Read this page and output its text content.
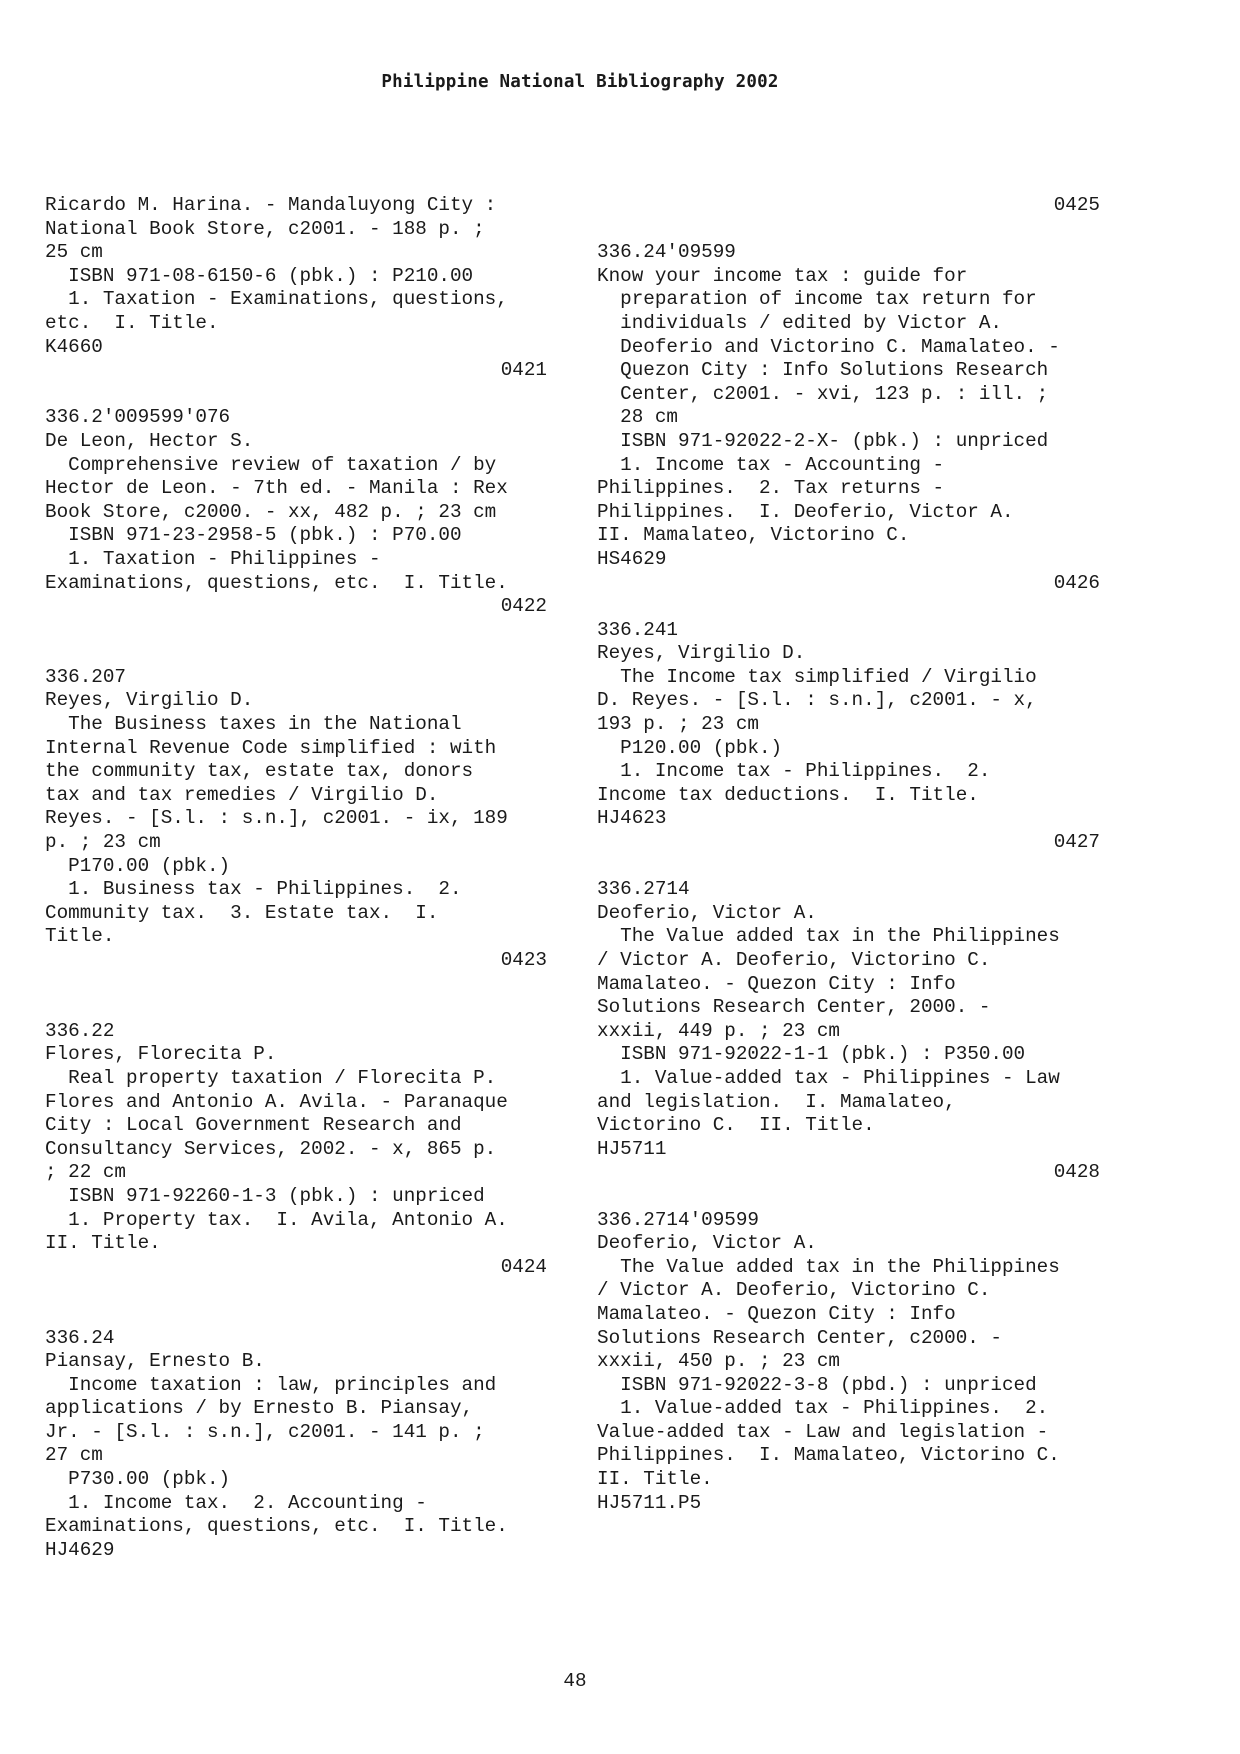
Philippine National Bibliography 2002
Ricardo M. Harina. - Mandaluyong City :
National Book Store, c2001. - 188 p. ;
25 cm
ISBN 971-08-6150-6 (pbk.) : P210.00
1. Taxation - Examinations, questions,
etc.  I. Title.
K4660
0421
336.2'009599'076
De Leon, Hector S.
Comprehensive review of taxation / by
Hector de Leon. - 7th ed. - Manila : Rex
Book Store, c2000. - xx, 482 p. ; 23 cm
ISBN 971-23-2958-5 (pbk.) : P70.00
1. Taxation - Philippines -
Examinations, questions, etc.  I. Title.
0422
336.207
Reyes, Virgilio D.
The Business taxes in the National
Internal Revenue Code simplified : with
the community tax, estate tax, donors
tax and tax remedies / Virgilio D.
Reyes. - [S.l. : s.n.], c2001. - ix, 189
p. ; 23 cm
P170.00 (pbk.)
1. Business tax - Philippines.  2.
Community tax.  3. Estate tax.  I.
Title.
0423
336.22
Flores, Florecita P.
Real property taxation / Florecita P.
Flores and Antonio A. Avila. - Paranaque
City : Local Government Research and
Consultancy Services, 2002. - x, 865 p.
; 22 cm
ISBN 971-92260-1-3 (pbk.) : unpriced
1. Property tax.  I. Avila, Antonio A.
II. Title.
0424
336.24
Piansay, Ernesto B.
Income taxation : law, principles and
applications / by Ernesto B. Piansay,
Jr. - [S.l. : s.n.], c2001. - 141 p. ;
27 cm
P730.00 (pbk.)
1. Income tax.  2. Accounting -
Examinations, questions, etc.  I. Title.
HJ4629
0425
336.24'09599
Know your income tax : guide for
preparation of income tax return for
individuals / edited by Victor A.
Deoferio and Victorino C. Mamalateo. -
Quezon City : Info Solutions Research
Center, c2001. - xvi, 123 p. : ill. ;
28 cm
ISBN 971-92022-2-X- (pbk.) : unpriced
1. Income tax - Accounting -
Philippines.  2. Tax returns -
Philippines.  I. Deoferio, Victor A.
II. Mamalateo, Victorino C.
HS4629
0426
336.241
Reyes, Virgilio D.
The Income tax simplified / Virgilio
D. Reyes. - [S.l. : s.n.], c2001. - x,
193 p. ; 23 cm
P120.00 (pbk.)
1. Income tax - Philippines.  2.
Income tax deductions.  I. Title.
HJ4623
0427
336.2714
Deoferio, Victor A.
The Value added tax in the Philippines
/ Victor A. Deoferio, Victorino C.
Mamalateo. - Quezon City : Info
Solutions Research Center, 2000. -
xxxii, 449 p. ; 23 cm
ISBN 971-92022-1-1 (pbk.) : P350.00
1. Value-added tax - Philippines - Law
and legislation.  I. Mamalateo,
Victorino C.  II. Title.
HJ5711
0428
336.2714'09599
Deoferio, Victor A.
The Value added tax in the Philippines
/ Victor A. Deoferio, Victorino C.
Mamalateo. - Quezon City : Info
Solutions Research Center, c2000. -
xxxii, 450 p. ; 23 cm
ISBN 971-92022-3-8 (pbd.) : unpriced
1. Value-added tax - Philippines.  2.
Value-added tax - Law and legislation -
Philippines.  I. Mamalateo, Victorino C.
II. Title.
HJ5711.P5
48
